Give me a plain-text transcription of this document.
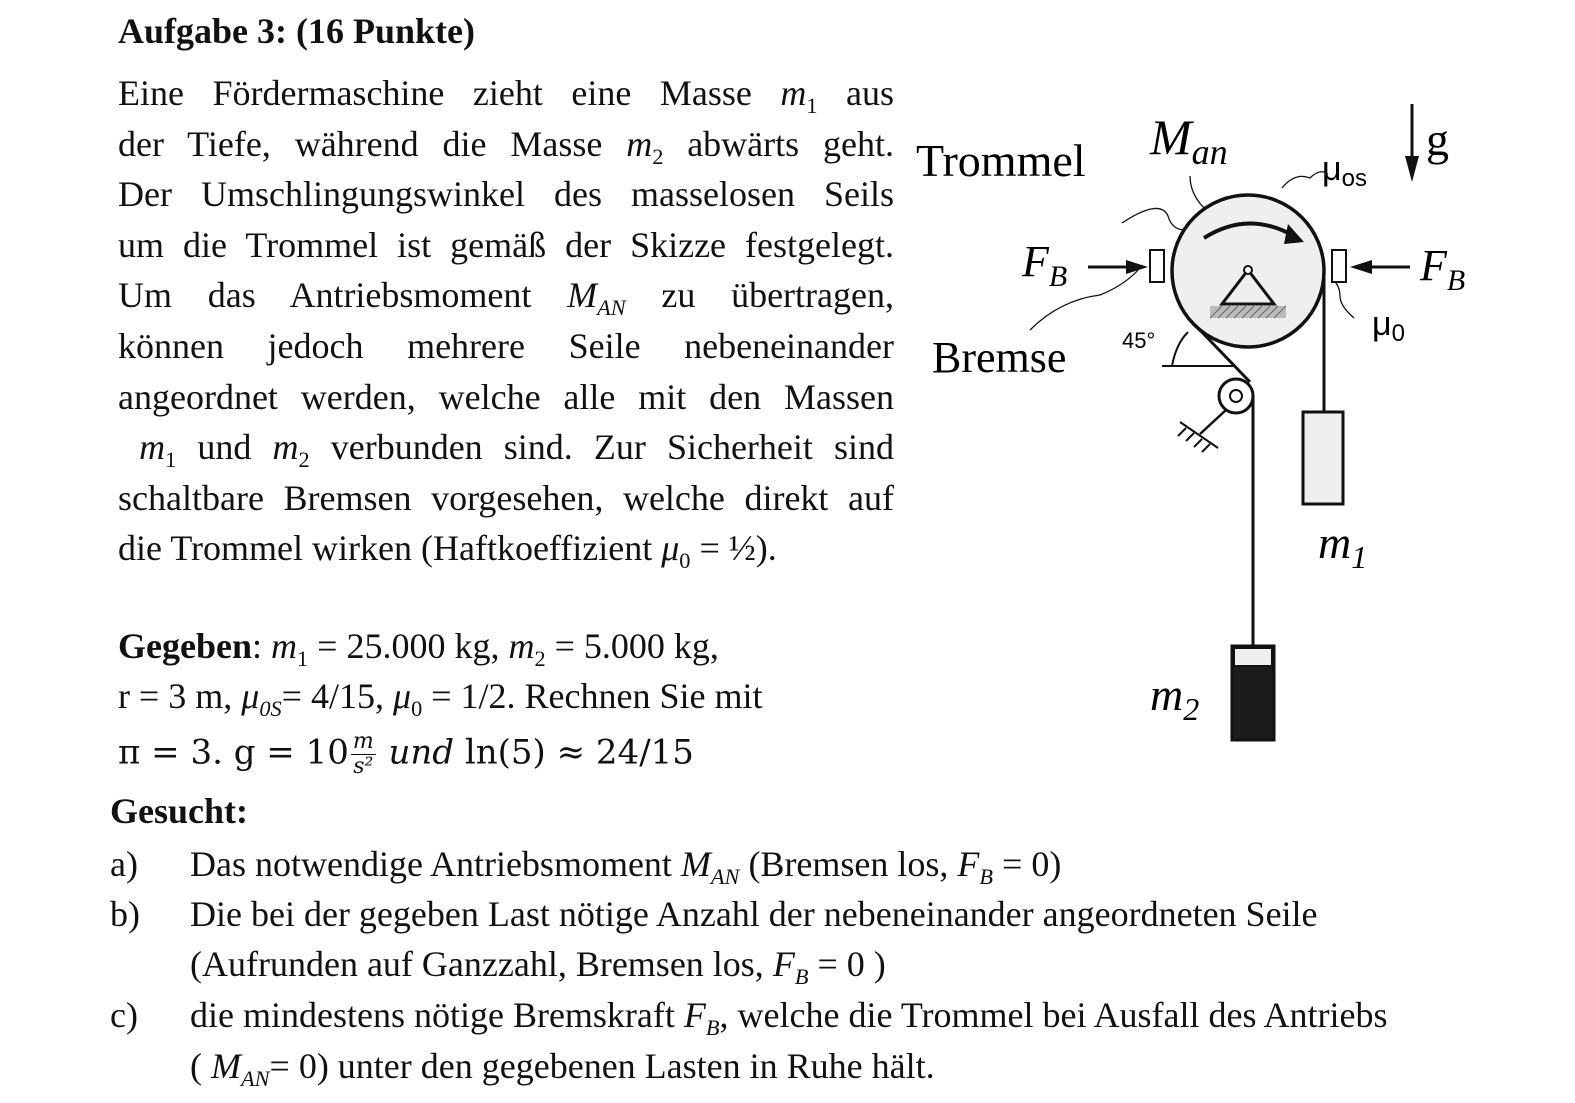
Aufgabe 3: (16 Punkte)
Eine Fördermaschine zieht eine Masse $m_1$ aus
der Tiefe, während die Masse $m_2$ abwärts geht.
Der Umschlingungswinkel des masselosen Seils
um die Trommel ist gemäß der Skizze festgelegt.
Um das Antriebsmoment $M_{AN}$ zu übertragen,
können jedoch mehrere Seile nebeneinander
angeordnet werden, welche alle mit den Massen
$m_1$ und $m_2$ verbunden sind. Zur Sicherheit sind
schaltbare Bremsen vorgesehen, welche direkt auf
die Trommel wirken (Haftkoeffizient $\mu_0$ = ½).
Gegeben: $m_1 = 25.000$ kg, $m_2 = 5.000$ kg,
r = 3 m, $\mu_{0S}= 4/15$, $\mu_0 = 1/2$. Rechnen Sie mit
π = 3. $g = 10 \frac{m}{\text{s²}}$ und ln(5) ≈ 24/15
Gesucht:
a) Das notwendige Antriebsmoment $M_{AN}$ (Bremsen los, $F_B = 0$)
b) Die bei der gegeben Last nötige Anzahl der nebeneinander angeordneten Seile
(Aufrunden auf Ganzzahl, Bremsen los, $F_B = 0$ )
c) die mindestens nötige Bremskraft $F_B$, welche die Trommel bei Ausfall des Antriebs
( $M_{AN}= 0$) unter den gegebenen Lasten in Ruhe hält.
Trommel
Bremse
$M_{an}$	μos
μ0
g
45°
$F_B$	$F_B$
$m_1$
$m_2$
